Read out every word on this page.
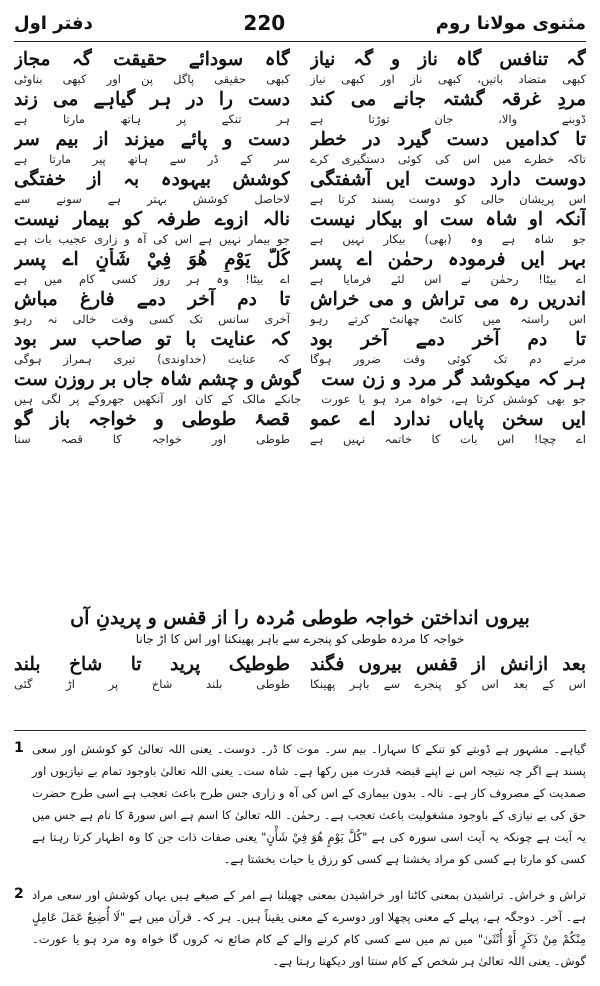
دفتر اول	220	مثنوی مولانا روم
گہ تنافس گاہ ناز و گہ نیاز
کبھی متضاد باتیں، کبھی ناز اور کبھی نیاز
گاہ سودائے حقیقت گہ مجاز
کبھی حقیقی پاگل پن اور کبھی بناوٹی
مردِ غرقہ گشتہ جانے می کند
ڈوبنے والا، جان توڑتا ہے
دست را در ہر گیاہے می زند
ہر تنکے پر ہاتھ مارتا ہے
تا کدامیں دست گیرد در خطر
تاکہ خطرے میں اس کی کوئی دستگیری کرے
دست و پائے میزند از بیم سر
سر کے ڈر سے ہاتھ پیر مارتا ہے
دوست دارد دوست ایں آشفتگی
اس پریشان حالی کو دوست پسند کرتا ہے
کوشش بیہودہ بہ از خفتگی
لاحاصل کوشش بہتر ہے سونے سے
آنکہ او شاہ ست او بیکار نیست
جو شاہ ہے وہ (بھی) بیکار نہیں ہے
نالہ ازوے طرفہ کو بیمار نیست
جو بیمار نہیں ہے اس کی آہ و زاری عجیب بات ہے
بہر ایں فرمودہ رحمٰن اے پسر
اے بیٹا! رحمٰن نے اس لئے فرمایا ہے
كُلَّ يَوْمٍ هُوَ فِيْ شَأْنٍ اے پسر
اے بیٹا! وہ ہر روز کسی کام میں ہے
اندریں رہ می تراش و می خراش
اس راستہ میں کانٹ چھانٹ کرتے رہو
تا دم آخر دمے فارغ مباش
آخری سانس تک کسی وقت خالی نہ رہو
تا دم آخر دمے آخر بود
مرتے دم تک کوئی وقت ضرور ہوگا
کہ عنایت با تو صاحب سر بود
کہ عنایت (خداوندی) تیری ہمراز ہوگی
ہر کہ میکوشد گر مرد و زن ست
جو بھی کوشش کرتا ہے، خواہ مرد ہو یا عورت
گوش و چشم شاہ جاں بر روزن ست
جانکے مالک کے کان اور آنکھیں جھروکے پر لگی ہیں
ایں سخن پایاں ندارد اے عمو
اے چچا! اس بات کا خاتمہ نہیں ہے
قصۂ طوطی و خواجہ باز گو
طوطی اور خواجہ کا قصہ سنا
بیروں انداختن خواجہ طوطی مُردہ را از قفس و پریدنِ آں
خواجہ کا مردہ طوطی کو پنجرے سے باہر پھینکنا اور اس کا اڑ جانا
بعد ازانش از قفس بیروں فگند
اس کے بعد اس کو پنجرے سے باہر پھینکا
طوطیک پرید تا شاخ بلند
طوطی بلند شاخ پر اڑ گئی
1 گیاہے۔ مشہور ہے ڈوبتے کو تنکے کا سہارا۔ بیم سر۔ موت کا ڈر۔ دوست۔ یعنی اللہ تعالیٰ کو کوشش اور سعی پسند ہے اگر چہ نتیجہ اس نے اپنے قبضہ قدرت میں رکھا ہے۔ شاہ ست۔ یعنی اللہ تعالیٰ باوجود تمام بے نیازیوں اور صمدیت کے مصروف کار ہے۔ نالہ۔ بدون بیماری کے اس کی آہ و زاری جس طرح باعث تعجب ہے اسی طرح حضرت حق کی بے نیازی کے باوجود مشغولیت باعث تعجب ہے۔ رحمٰن۔ اللہ تعالیٰ کا اسم ہے اس سورۃ کا نام ہے جس میں یہ آیت ہے چونکہ یہ آیت اسی سورہ کی ہے "كُلَّ يَوْمٍ هُوَ فِيْ شَأْنٍ" یعنی صفات ذات جن کا وہ اظہار کرتا رہتا ہے کسی کو مارتا ہے کسی کو مراد بخشتا ہے کسی کو رزق یا حیات بخشتا ہے۔
2 تراش و خراش۔ تراشیدن بمعنی کاٹنا اور خراشیدن بمعنی چھیلنا ہے امر کے صیغے ہیں یہاں کوشش اور سعی مراد ہے۔ آخر۔ دوجگہ ہے، پہلے کے معنی پچھلا اور دوسرے کے معنی یقیناً ہیں۔ ہر کہ۔ قرآن میں ہے "لَا أُضِيعُ عَمَلَ عَامِلٍ مِنْكُمْ مِنْ ذَكَرٍ أَوْ أُنْثَىٰ" میں تم میں سے کسی کام کرنے والے کے کام ضائع نہ کروں گا خواہ وہ مرد ہو یا عورت۔ گوش۔ یعنی اللہ تعالیٰ ہر شخص کے کام سنتا اور دیکھتا رہتا ہے۔
